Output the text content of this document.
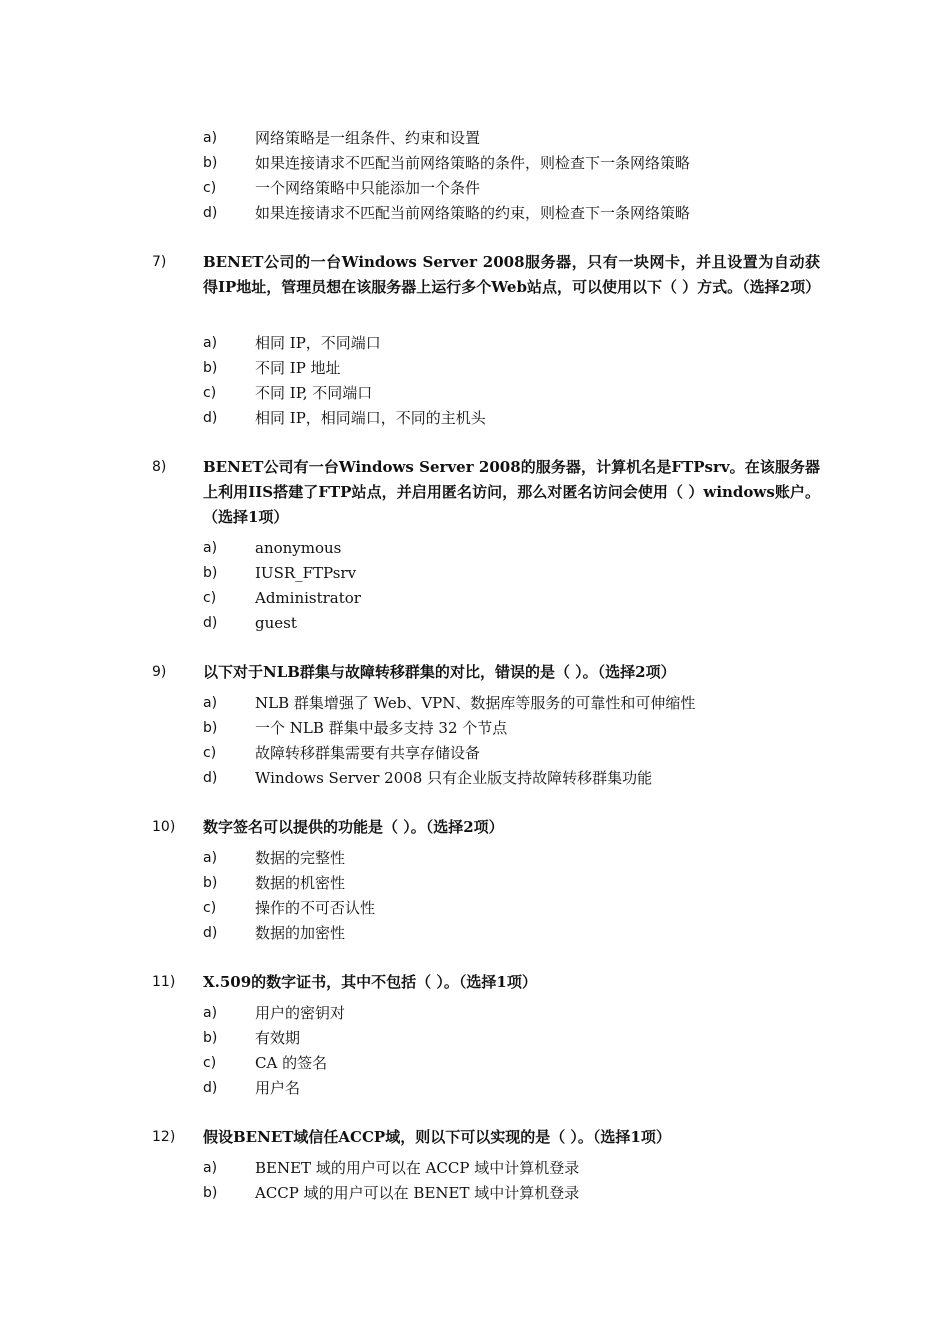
a)	网络策略是一组条件、约束和设置
b)	如果连接请求不匹配当前网络策略的条件，则检查下一条网络策略
c)	一个网络策略中只能添加一个条件
d)	如果连接请求不匹配当前网络策略的约束，则检查下一条网络策略
7) BENET公司的一台Windows Server 2008服务器，只有一块网卡，并且设置为自动获得IP地址，管理员想在该服务器上运行多个Web站点，可以使用以下（ ）方式。（选择2项）
a)	相同 IP，不同端口
b)	不同 IP 地址
c)	不同 IP, 不同端口
d)	相同 IP，相同端口，不同的主机头
8) BENET公司有一台Windows Server 2008的服务器，计算机名是FTPsrv。在该服务器上利用IIS搭建了FTP站点，并启用匿名访问，那么对匿名访问会使用（ ）windows账户。（选择1项）
a)	anonymous
b)	IUSR_FTPsrv
c)	Administrator
d)	guest
9) 以下对于NLB群集与故障转移群集的对比，错误的是（ ）。（选择2项）
a)	NLB 群集增强了 Web、VPN、数据库等服务的可靠性和可伸缩性
b)	一个 NLB 群集中最多支持 32 个节点
c)	故障转移群集需要有共享存储设备
d)	Windows Server 2008 只有企业版支持故障转移群集功能
10) 数字签名可以提供的功能是（ ）。（选择2项）
a)	数据的完整性
b)	数据的机密性
c)	操作的不可否认性
d)	数据的加密性
11) X.509的数字证书，其中不包括（ ）。（选择1项）
a)	用户的密钥对
b)	有效期
c)	CA 的签名
d)	用户名
12) 假设BENET域信任ACCP域，则以下可以实现的是（ ）。（选择1项）
a)	BENET 域的用户可以在 ACCP 域中计算机登录
b)	ACCP 域的用户可以在 BENET 域中计算机登录
